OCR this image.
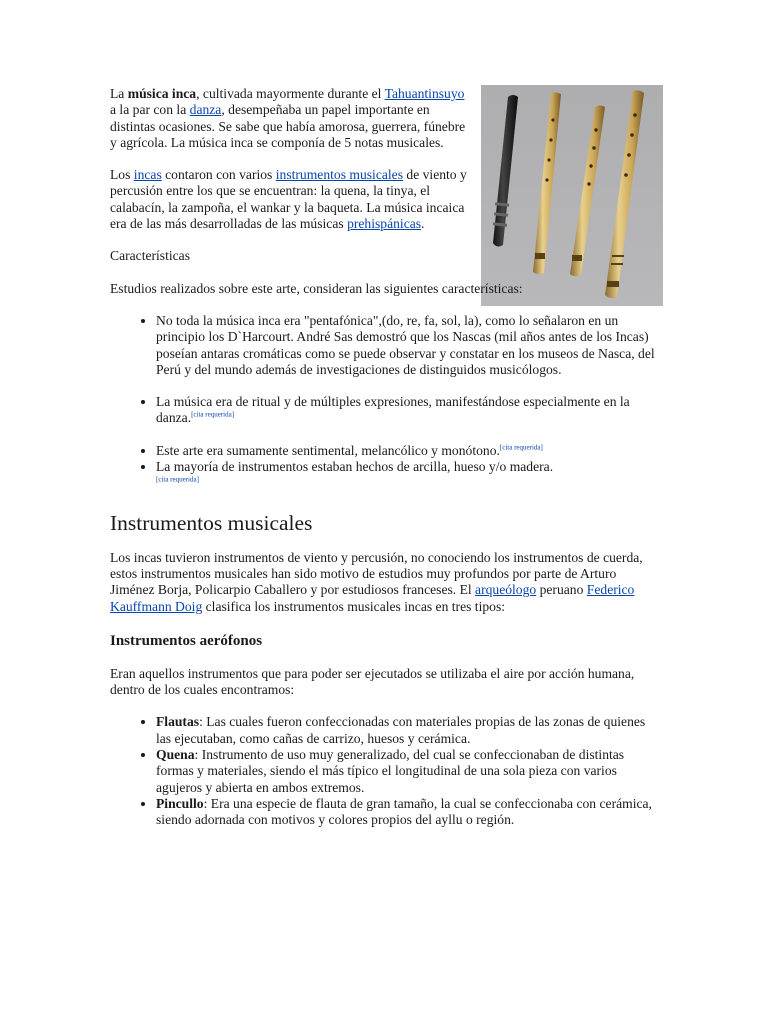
La música inca, cultivada mayormente durante el Tahuantinsuyo a la par con la danza, desempeñaba un papel importante en distintas ocasiones. Se sabe que había amorosa, guerrera, fúnebre y agrícola. La música inca se componía de 5 notas musicales.

Los incas contaron con varios instrumentos musicales de viento y percusión entre los que se encuentran: la quena, la tinya, el calabacín, la zampoña, el wankar y la baqueta. La música incaica era de las más desarrolladas de las músicas prehispánicas.

Características

Estudios realizados sobre este arte, consideran las siguientes características:

• No toda la música inca era "pentafónica",(do, re, fa, sol, la), como lo señalaron en un principio los D`Harcourt. André Sas demostró que los Nascas (mil años antes de los Incas) poseían antaras cromáticas como se puede observar y constatar en los museos de Nasca, del Perú y del mundo además de investigaciones de distinguidos musicólogos.
• La música era de ritual y de múltiples expresiones, manifestándose especialmente en la danza.[cita requerida]
• Este arte era sumamente sentimental, melancólico y monótono.[cita requerida]
• La mayoría de instrumentos estaban hechos de arcilla, hueso y/o madera.
[cita requerida]
Instrumentos musicales

Los incas tuvieron instrumentos de viento y percusión, no conociendo los instrumentos de cuerda, estos instrumentos musicales han sido motivo de estudios muy profundos por parte de Arturo Jiménez Borja, Policarpio Caballero y por estudiosos franceses. El arqueólogo peruano Federico Kauffmann Doig clasifica los instrumentos musicales incas en tres tipos:

Instrumentos aerófonos

Eran aquellos instrumentos que para poder ser ejecutados se utilizaba el aire por acción humana, dentro de los cuales encontramos:

• Flautas: Las cuales fueron confeccionadas con materiales propias de las zonas de quienes las ejecutaban, como cañas de carrizo, huesos y cerámica.
• Quena: Instrumento de uso muy generalizado, del cual se confeccionaban de distintas formas y materiales, siendo el más típico el longitudinal de una sola pieza con varios agujeros y abierta en ambos extremos.
• Pincullo: Era una especie de flauta de gran tamaño, la cual se confeccionaba con cerámica, siendo adornada con motivos y colores propios del ayllu o región.
